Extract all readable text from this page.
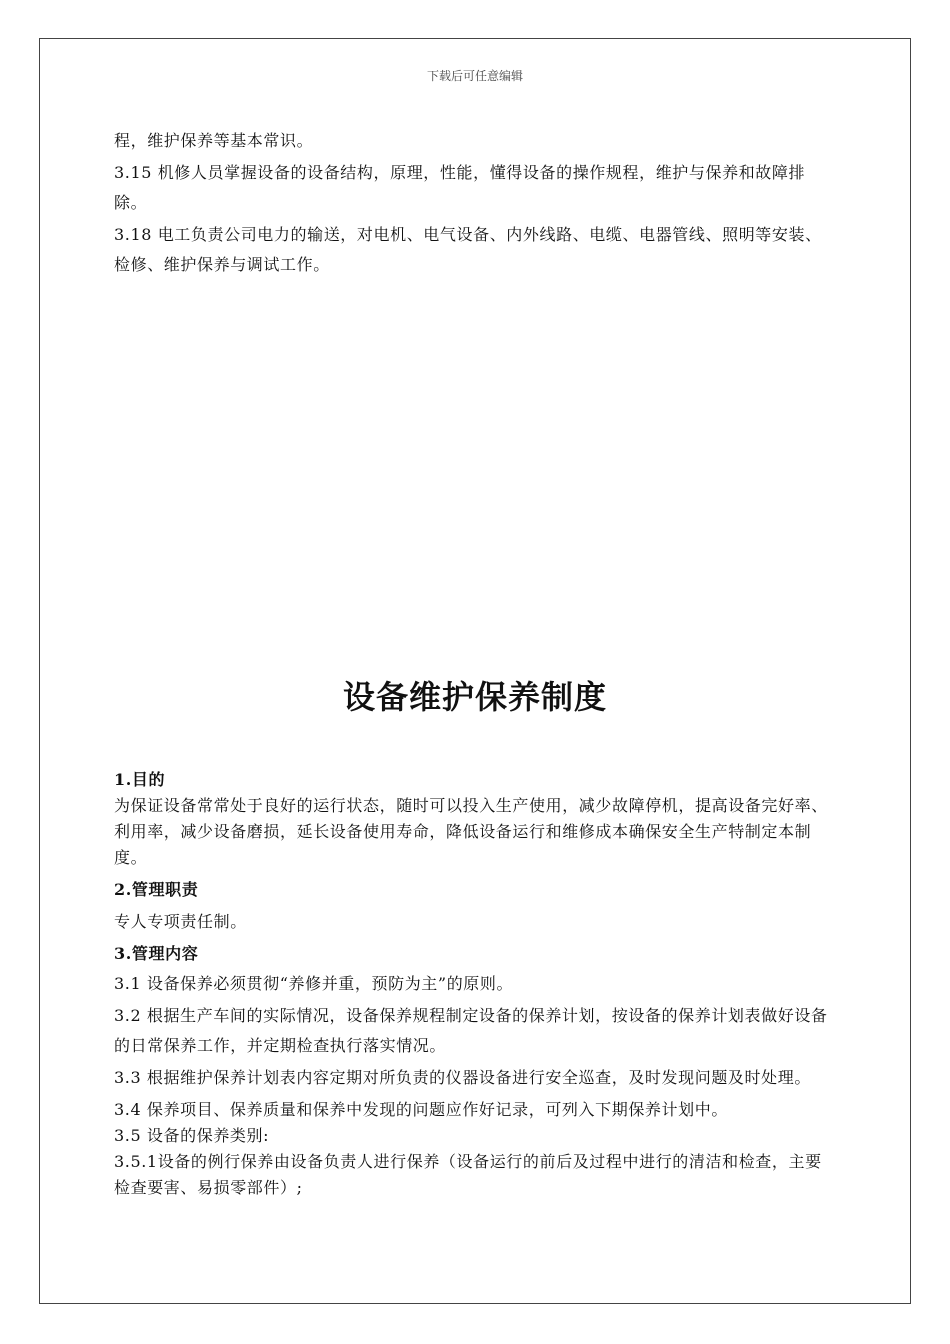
下载后可任意编辑

程，维护保养等基本常识。

3.15 机修人员掌握设备的设备结构，原理，性能，懂得设备的操作规程，维护与保养和故障排除。

3.18 电工负责公司电力的输送，对电机、电气设备、内外线路、电缆、电器管线、照明等安装、检修、维护保养与调试工作。

设备维护保养制度

1.目的

为保证设备常常处于良好的运行状态，随时可以投入生产使用，减少故障停机，提高设备完好率、利用率，减少设备磨损，延长设备使用寿命，降低设备运行和维修成本确保安全生产特制定本制度。

2.管理职责

专人专项责任制。

3.管理内容

3.1 设备保养必须贯彻“养修并重，预防为主”的原则。

3.2 根据生产车间的实际情况，设备保养规程制定设备的保养计划，按设备的保养计划表做好设备的日常保养工作，并定期检查执行落实情况。

3.3 根据维护保养计划表内容定期对所负责的仪器设备进行安全巡查，及时发现问题及时处理。

3.4 保养项目、保养质量和保养中发现的问题应作好记录，可列入下期保养计划中。

3.5 设备的保养类别:

3.5.1设备的例行保养由设备负责人进行保养（设备运行的前后及过程中进行的清洁和检查，主要检查要害、易损零部件）;
